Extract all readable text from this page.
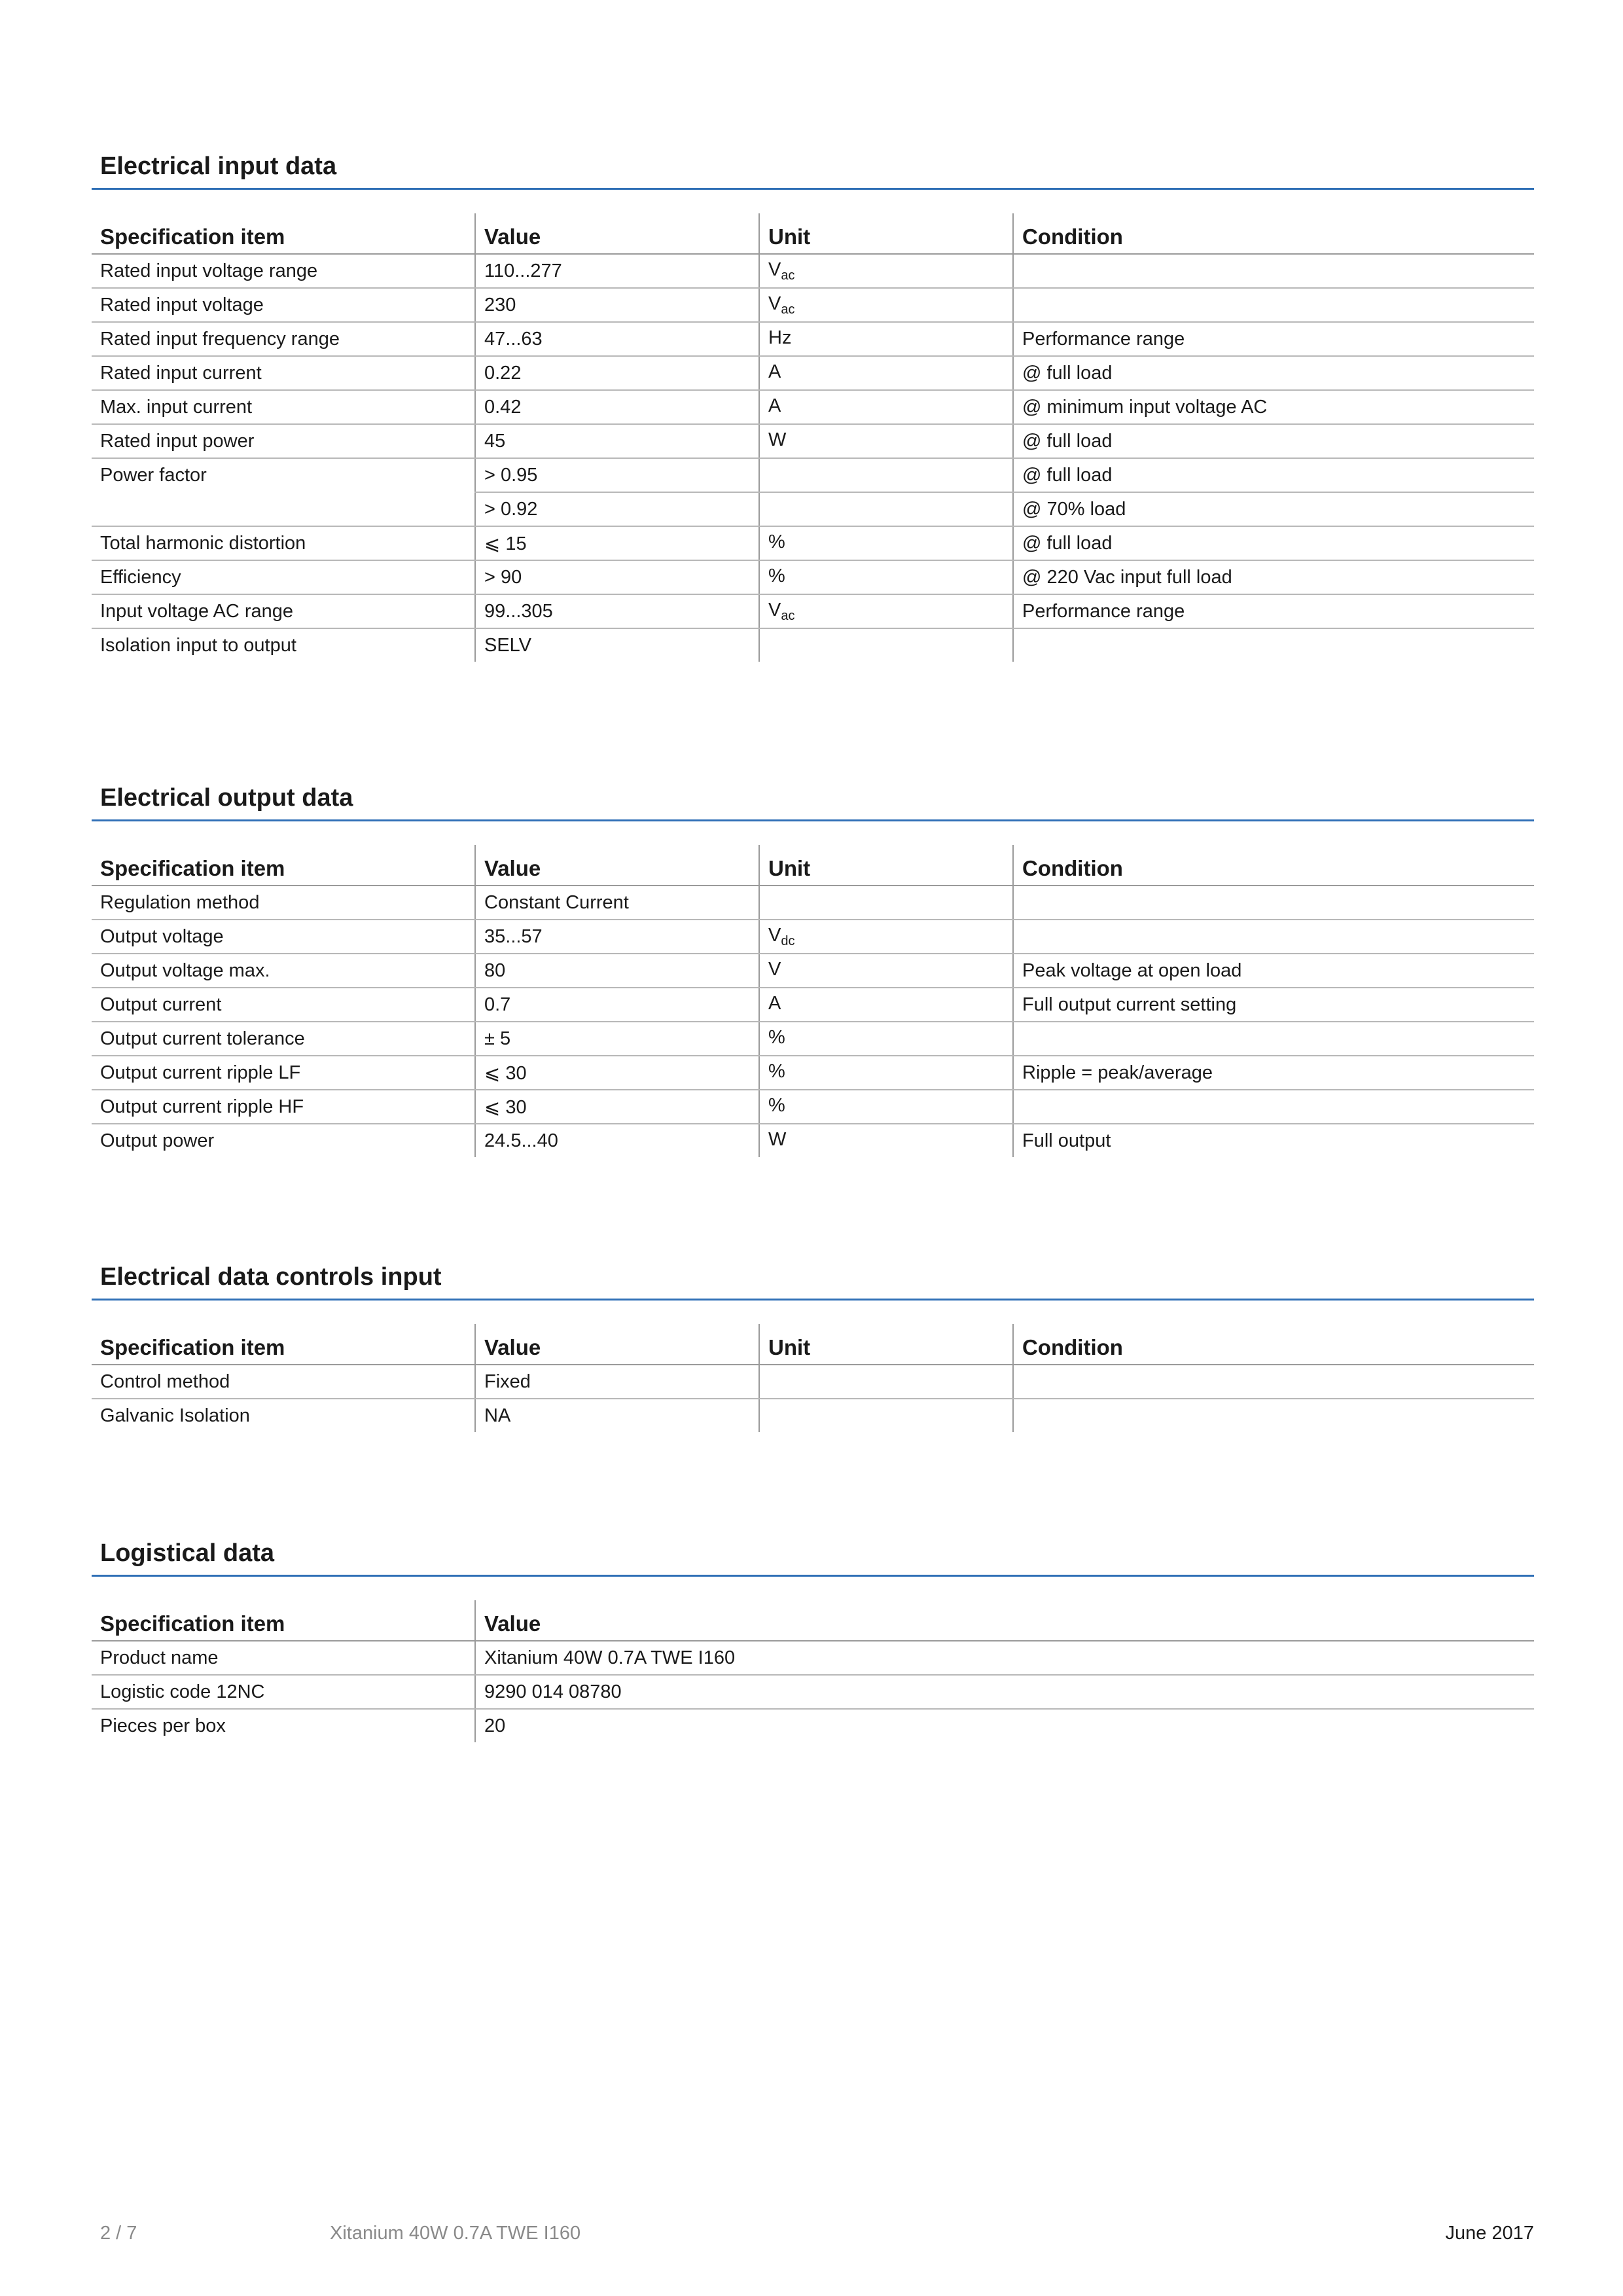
Electrical input data
Specification item	Value	Unit	Condition
Rated input voltage range	110...277	$V_{ac}$	
Rated input voltage	230	$V_{ac}$	
Rated input frequency range	47...63	Hz	Performance range
Rated input current	0.22	A	@ full load
Max. input current	0.42	A	@ minimum input voltage AC
Rated input power	45	W	@ full load
Power factor	> 0.95		@ full load
	> 0.92		@ 70% load
Total harmonic distortion	⩽ 15	%	@ full load
Efficiency	> 90	%	@ 220 Vac input full load
Input voltage AC range	99...305	$V_{ac}$	Performance range
Isolation input to output	SELV		
Electrical output data
Specification item	Value	Unit	Condition
Regulation method	Constant Current		
Output voltage	35...57	$V_{dc}$	
Output voltage max.	80	V	Peak voltage at open load
Output current	0.7	A	Full output current setting
Output current tolerance	± 5	%	
Output current ripple LF	⩽ 30	%	Ripple = peak/average
Output current ripple HF	⩽ 30	%	
Output power	24.5...40	W	Full output
Electrical data controls input
Specification item	Value	Unit	Condition
Control method	Fixed		
Galvanic Isolation	NA		
Logistical data
Specification item	Value
Product name	Xitanium 40W 0.7A TWE I160
Logistic code 12NC	9290 014 08780
Pieces per box	20
2 / 7	Xitanium 40W 0.7A TWE I160	June 2017
